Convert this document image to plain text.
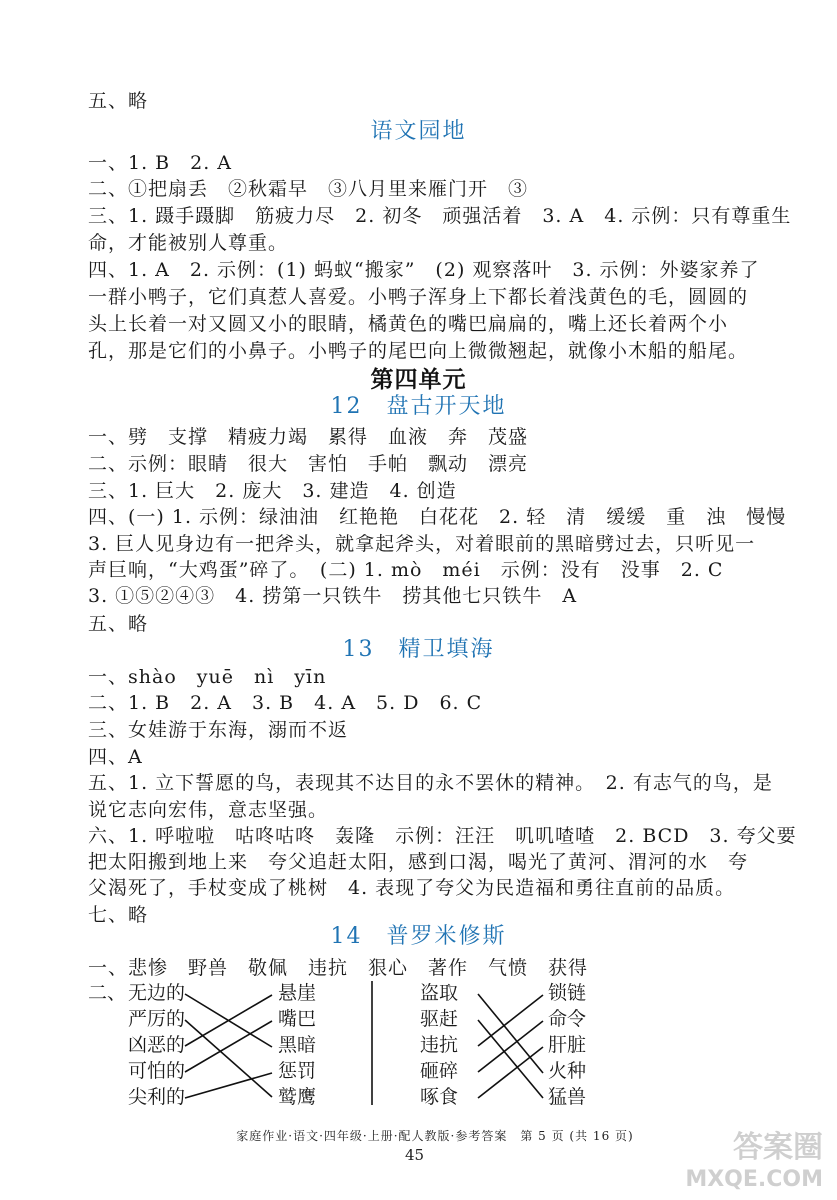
五、略
语文园地
一、1. B　2. A
二、①把扇丢　②秋霜早　③八月里来雁门开　③
三、1. 蹑手蹑脚　筋疲力尽　2. 初冬　顽强活着　3. A　4. 示例：只有尊重生
命，才能被别人尊重。
四、1. A　2. 示例：(1) 蚂蚁“搬家”　(2) 观察落叶　3. 示例：外婆家养了
一群小鸭子，它们真惹人喜爱。小鸭子浑身上下都长着浅黄色的毛，圆圆的
头上长着一对又圆又小的眼睛，橘黄色的嘴巴扁扁的，嘴上还长着两个小
孔，那是它们的小鼻子。小鸭子的尾巴向上微微翘起，就像小木船的船尾。
第四单元
12　盘古开天地
一、劈　支撑　精疲力竭　累得　血液　奔　茂盛
二、示例：眼睛　很大　害怕　手帕　飘动　漂亮
三、1. 巨大　2. 庞大　3. 建造　4. 创造
四、(一) 1. 示例：绿油油　红艳艳　白花花　2. 轻　清　缓缓　重　浊　慢慢
3. 巨人见身边有一把斧头，就拿起斧头，对着眼前的黑暗劈过去，只听见一
声巨响，“大鸡蛋”碎了。　(二) 1. mò　méi　示例：没有　没事　2. C
3. ①⑤②④③　4. 捞第一只铁牛　捞其他七只铁牛　A
五、略
13　精卫填海
一、shào　yuē　nì　yīn
二、1. B　2. A　3. B　4. A　5. D　6. C
三、女娃游于东海，溺而不返
四、A
五、1. 立下誓愿的鸟，表现其不达目的永不罢休的精神。　2. 有志气的鸟，是
说它志向宏伟，意志坚强。
六、1. 呼啦啦　咕咚咕咚　轰隆　示例：汪汪　叽叽喳喳　2. BCD　3. 夸父要
把太阳搬到地上来　夸父追赶太阳，感到口渴，喝光了黄河、渭河的水　夸
父渴死了，手杖变成了桃树　4. 表现了夸父为民造福和勇往直前的品质。
七、略
14　普罗米修斯
一、悲惨　野兽　敬佩　违抗　狠心　著作　气愤　获得
二、 无边的
严厉的
凶恶的
可怕的
尖利的
悬崖
嘴巴
黑暗
惩罚
鹫鹰
盗取
驱赶
违抗
砸碎
啄食
锁链
命令
肝脏
火种
猛兽
家庭作业·语文·四年级·上册·配人教版·参考答案　第 5 页 (共 16 页)
45	答案圈
MXQE.COM
